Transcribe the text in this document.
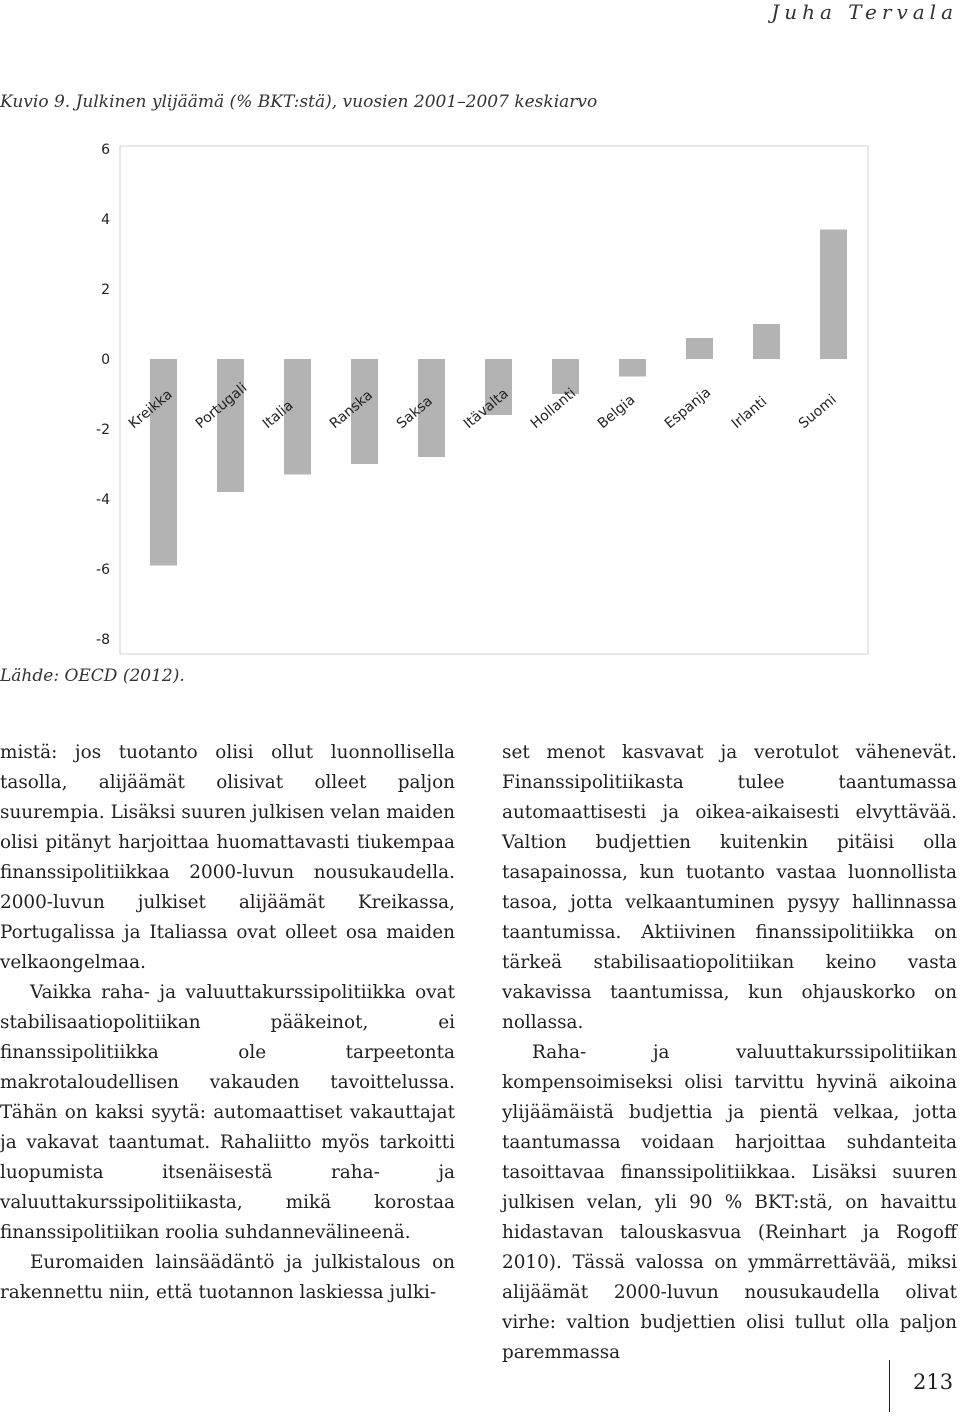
Juha Tervala
Kuvio 9. Julkinen ylijäämä (% BKT:stä), vuosien 2001–2007 keskiarvo
6
4
2
0
-2
-4
-6
-8
Kreikka Portugali Italia Ranska Saksa Itävalta Hollanti Belgia Espanja Irlanti Suomi
Lähde: OECD (2012).

mistä: jos tuotanto olisi ollut luonnollisella tasolla, alijäämät olisivat olleet paljon suurempia. Lisäksi suuren julkisen velan maiden olisi pitänyt harjoittaa huomattavasti tiukempaa finanssipolitiikkaa 2000-luvun nousukaudella. 2000-luvun julkiset alijäämät Kreikassa, Portugalissa ja Italiassa ovat olleet osa maiden velkaongelmaa.

Vaikka raha- ja valuuttakurssipolitiikka ovat stabilisaatiopolitiikan pääkeinot, ei finanssipolitiikka ole tarpeetonta makrotaloudellisen vakauden tavoittelussa. Tähän on kaksi syytä: automaattiset vakauttajat ja vakavat taantumat. Rahaliitto myös tarkoitti luopumista itsenäisestä raha- ja valuuttakurssipolitiikasta, mikä korostaa finanssipolitiikan roolia suhdannevälineenä.

Euromaiden lainsäädäntö ja julkistalous on rakennettu niin, että tuotannon laskiessa julki-

set menot kasvavat ja verotulot vähenevät. Finanssipolitiikasta tulee taantumassa automaattisesti ja oikea-aikaisesti elvyttävää. Valtion budjettien kuitenkin pitäisi olla tasapainossa, kun tuotanto vastaa luonnollista tasoa, jotta velkaantuminen pysyy hallinnassa taantumissa. Aktiivinen finanssipolitiikka on tärkeä stabilisaatiopolitiikan keino vasta vakavissa taantumissa, kun ohjauskorko on nollassa.

Raha- ja valuuttakurssipolitiikan kompensoimiseksi olisi tarvittu hyvinä aikoina ylijäämäistä budjettia ja pientä velkaa, jotta taantumassa voidaan harjoittaa suhdanteita tasoittavaa finanssipolitiikkaa. Lisäksi suuren julkisen velan, yli 90 % BKT:stä, on havaittu hidastavan talouskasvua (Reinhart ja Rogoff 2010). Tässä valossa on ymmärrettävää, miksi alijäämät 2000-luvun nousukaudella olivat virhe: valtion budjettien olisi tullut olla paljon paremmassa

213
